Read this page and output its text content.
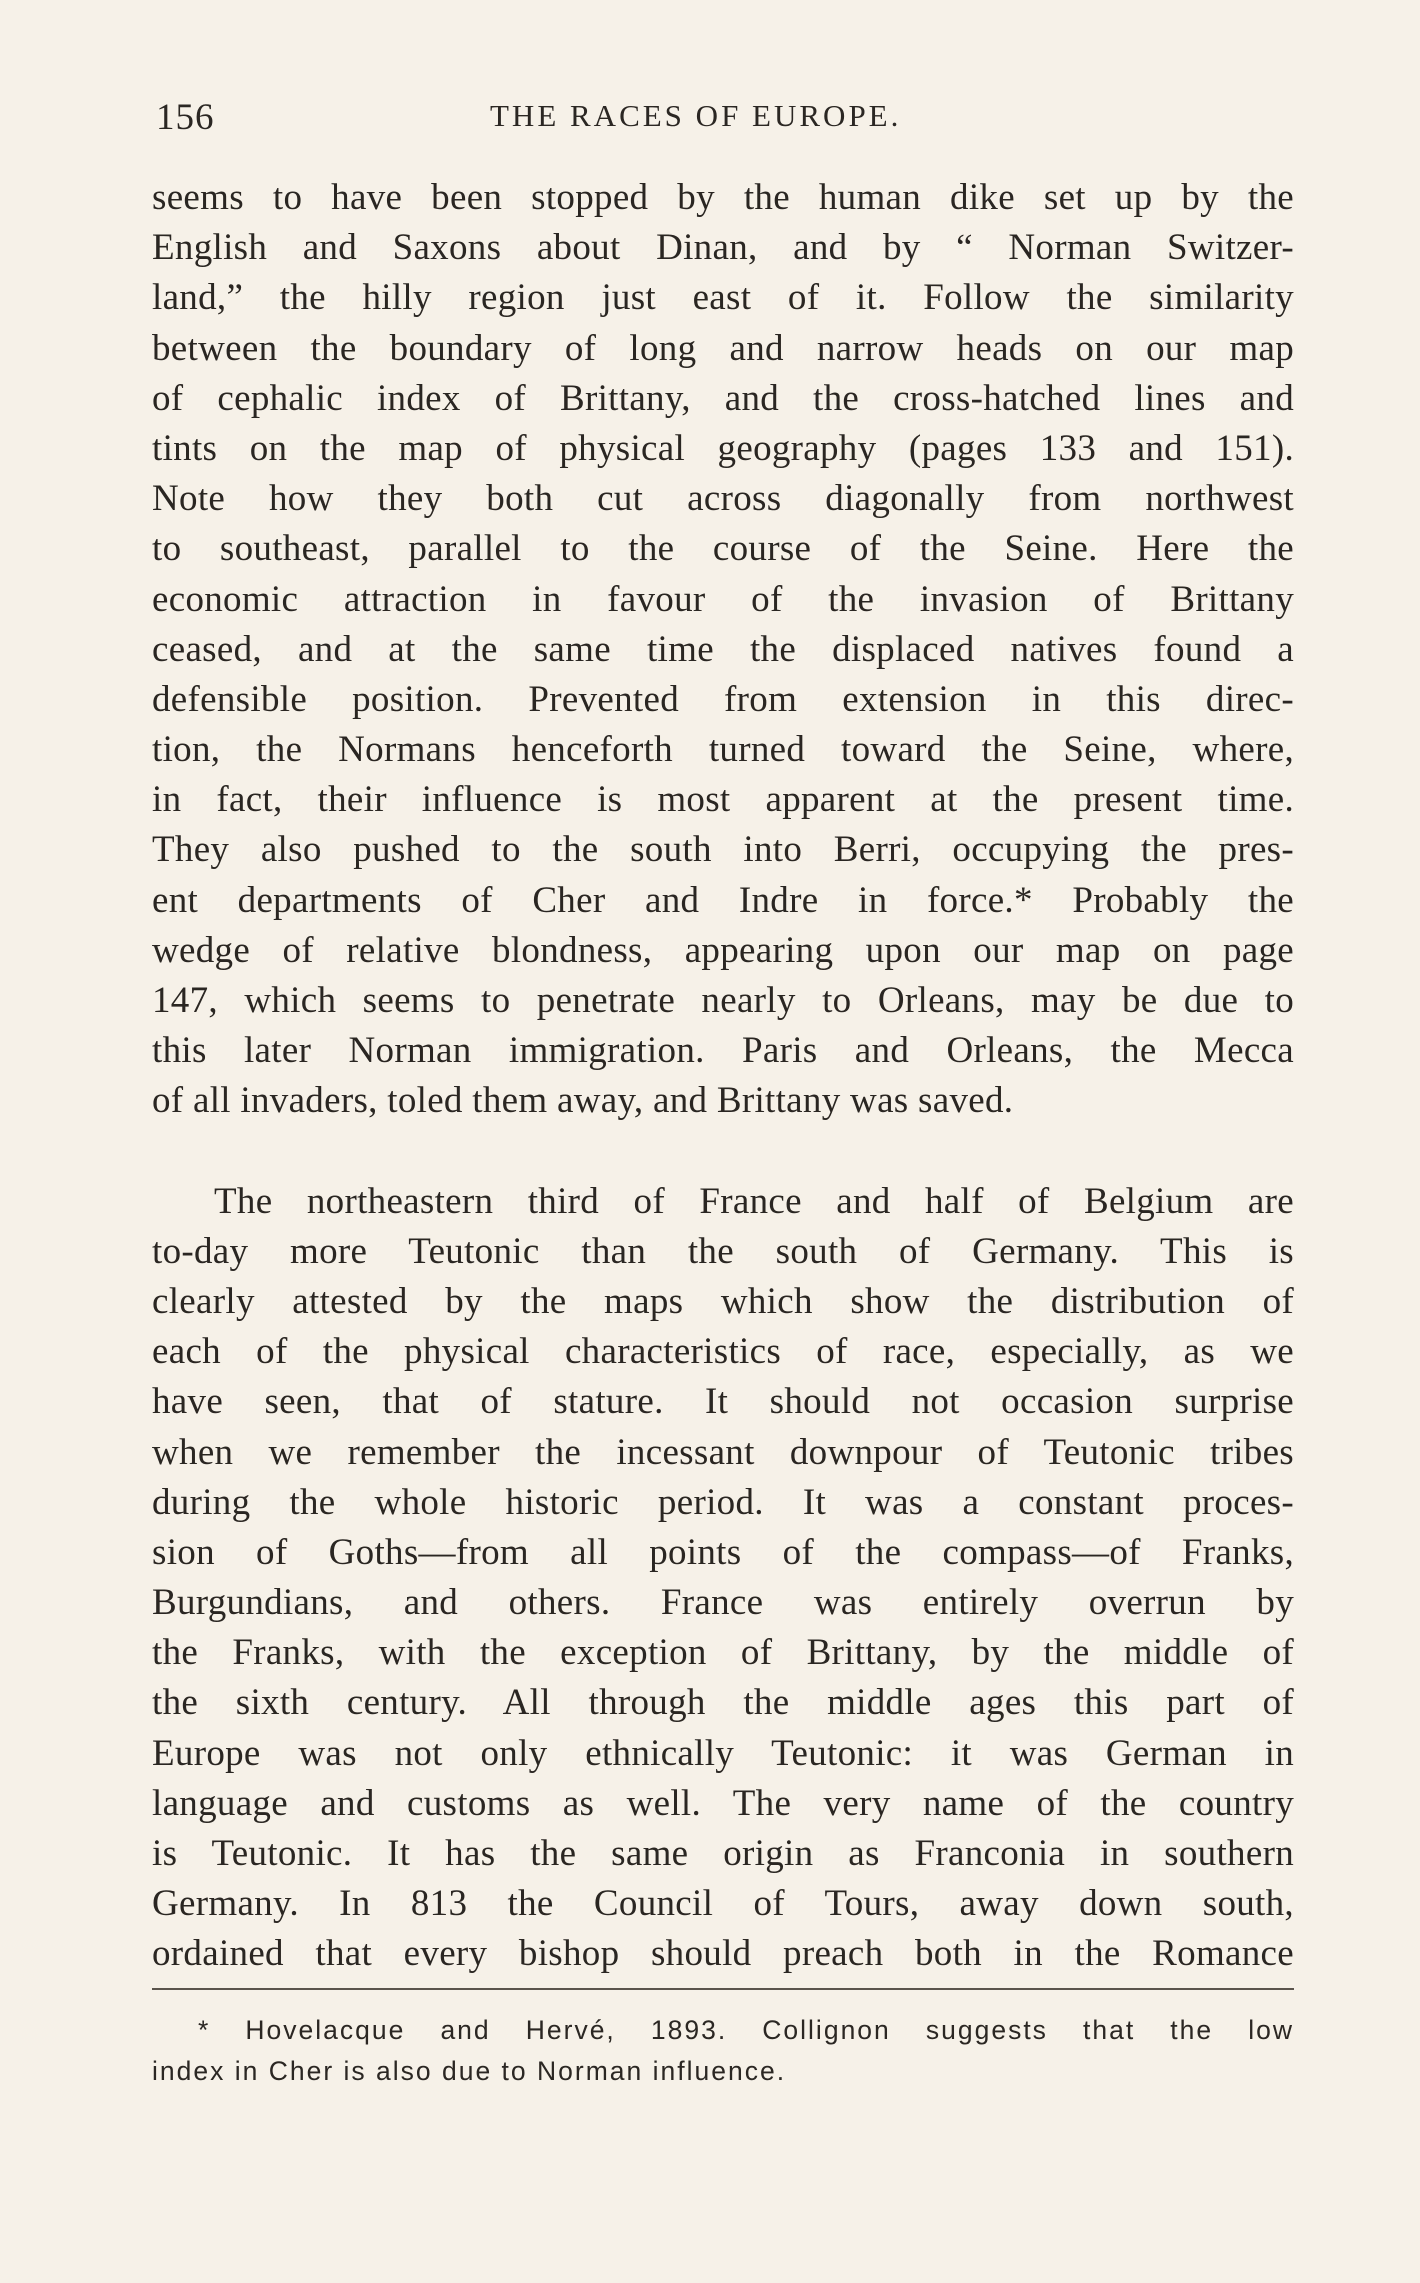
156	THE RACES OF EUROPE.
seems to have been stopped by the human dike set up by the
English and Saxons about Dinan, and by “ Norman Switzer-
land,” the hilly region just east of it. Follow the similarity
between the boundary of long and narrow heads on our map
of cephalic index of Brittany, and the cross-hatched lines and
tints on the map of physical geography (pages 133 and 151).
Note how they both cut across diagonally from northwest
to southeast, parallel to the course of the Seine. Here the
economic attraction in favour of the invasion of Brittany
ceased, and at the same time the displaced natives found a
defensible position. Prevented from extension in this direc-
tion, the Normans henceforth turned toward the Seine, where,
in fact, their influence is most apparent at the present time.
They also pushed to the south into Berri, occupying the pres-
ent departments of Cher and Indre in force.* Probably the
wedge of relative blondness, appearing upon our map on page
147, which seems to penetrate nearly to Orleans, may be due to
this later Norman immigration. Paris and Orleans, the Mecca
of all invaders, toled them away, and Brittany was saved.
The northeastern third of France and half of Belgium are
to-day more Teutonic than the south of Germany. This is
clearly attested by the maps which show the distribution of
each of the physical characteristics of race, especially, as we
have seen, that of stature. It should not occasion surprise
when we remember the incessant downpour of Teutonic tribes
during the whole historic period. It was a constant proces-
sion of Goths—from all points of the compass—of Franks,
Burgundians, and others. France was entirely overrun by
the Franks, with the exception of Brittany, by the middle of
the sixth century. All through the middle ages this part of
Europe was not only ethnically Teutonic: it was German in
language and customs as well. The very name of the country
is Teutonic. It has the same origin as Franconia in southern
Germany. In 813 the Council of Tours, away down south,
ordained that every bishop should preach both in the Romance
* Hovelacque and Hervé, 1893. Collignon suggests that the low
index in Cher is also due to Norman influence.
